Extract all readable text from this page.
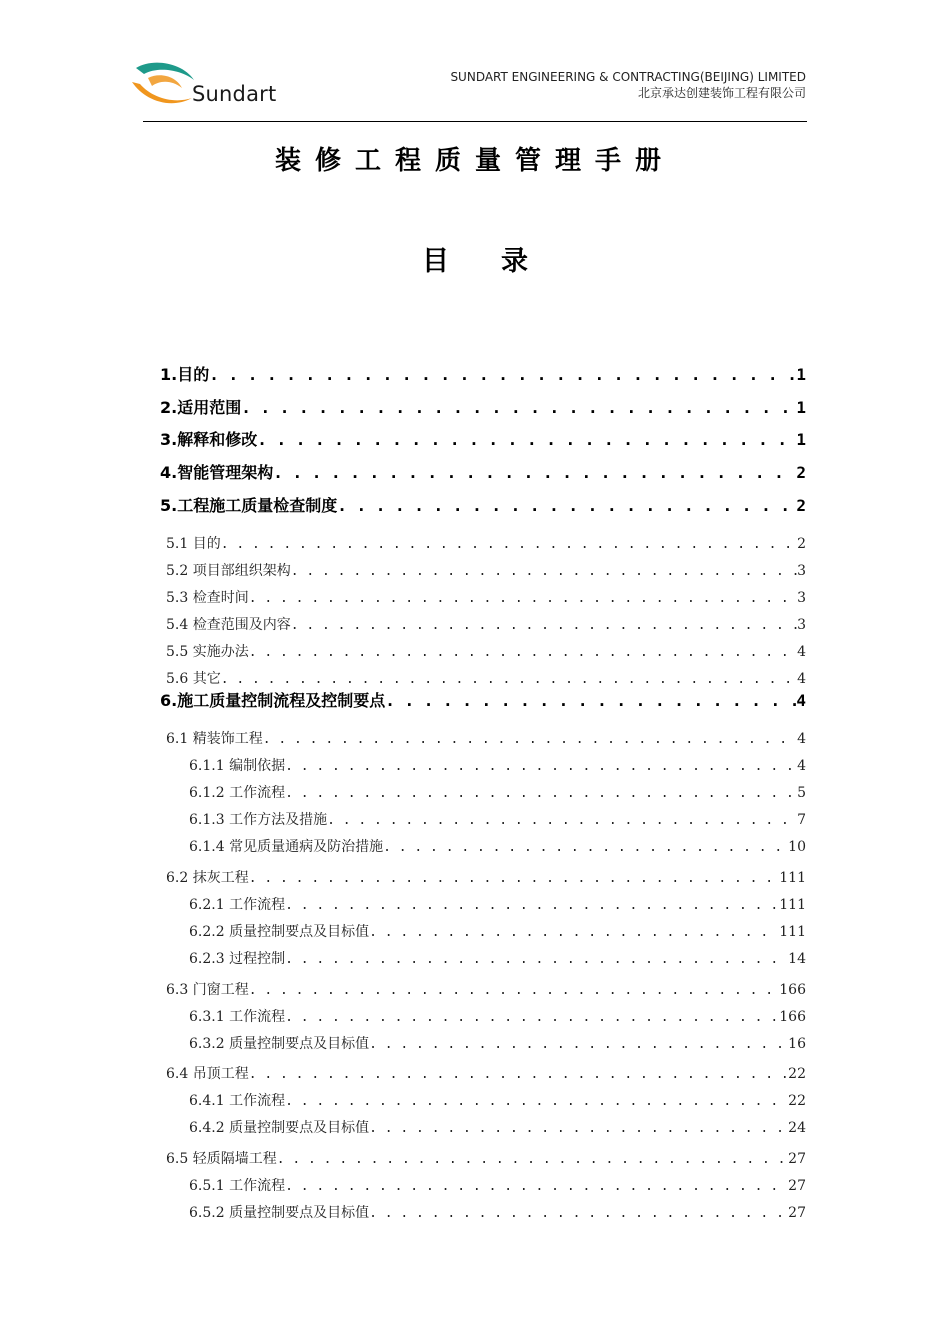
Sundart
SUNDART ENGINEERING & CONTRACTING(BEIJING) LIMITED
北京承达创建装饰工程有限公司
装修工程质量管理手册
目 录
1.目的 . . .	1
2.适用范围 . . .	1
3.解释和修改 . . .	1
4.智能管理架构 . . .	2
5.工程施工质量检查制度 . . .	2
5.1 目的 . . .	2
5.2 项目部组织架构 . . .	3
5.3 检查时间 . . .	3
5.4 检查范围及内容 . . .	3
5.5 实施办法 . . .	4
5.6 其它 . . .	4
6.施工质量控制流程及控制要点 . . .	4
6.1 精装饰工程 . . .	4
6.1.1 编制依据 . . .	4
6.1.2 工作流程 . . .	5
6.1.3 工作方法及措施 . . .	7
6.1.4 常见质量通病及防治措施 . . .	10
6.2 抹灰工程 . . .	111
6.2.1 工作流程 . . .	111
6.2.2 质量控制要点及目标值 . . .	111
6.2.3 过程控制 . . .	14
6.3 门窗工程 . . .	166
6.3.1 工作流程 . . .	166
6.3.2 质量控制要点及目标值 . . .	16
6.4 吊顶工程 . . .	22
6.4.1 工作流程 . . .	22
6.4.2 质量控制要点及目标值 . . .	24
6.5 轻质隔墙工程 . . .	27
6.5.1 工作流程 . . .	27
6.5.2 质量控制要点及目标值 . . .	27
